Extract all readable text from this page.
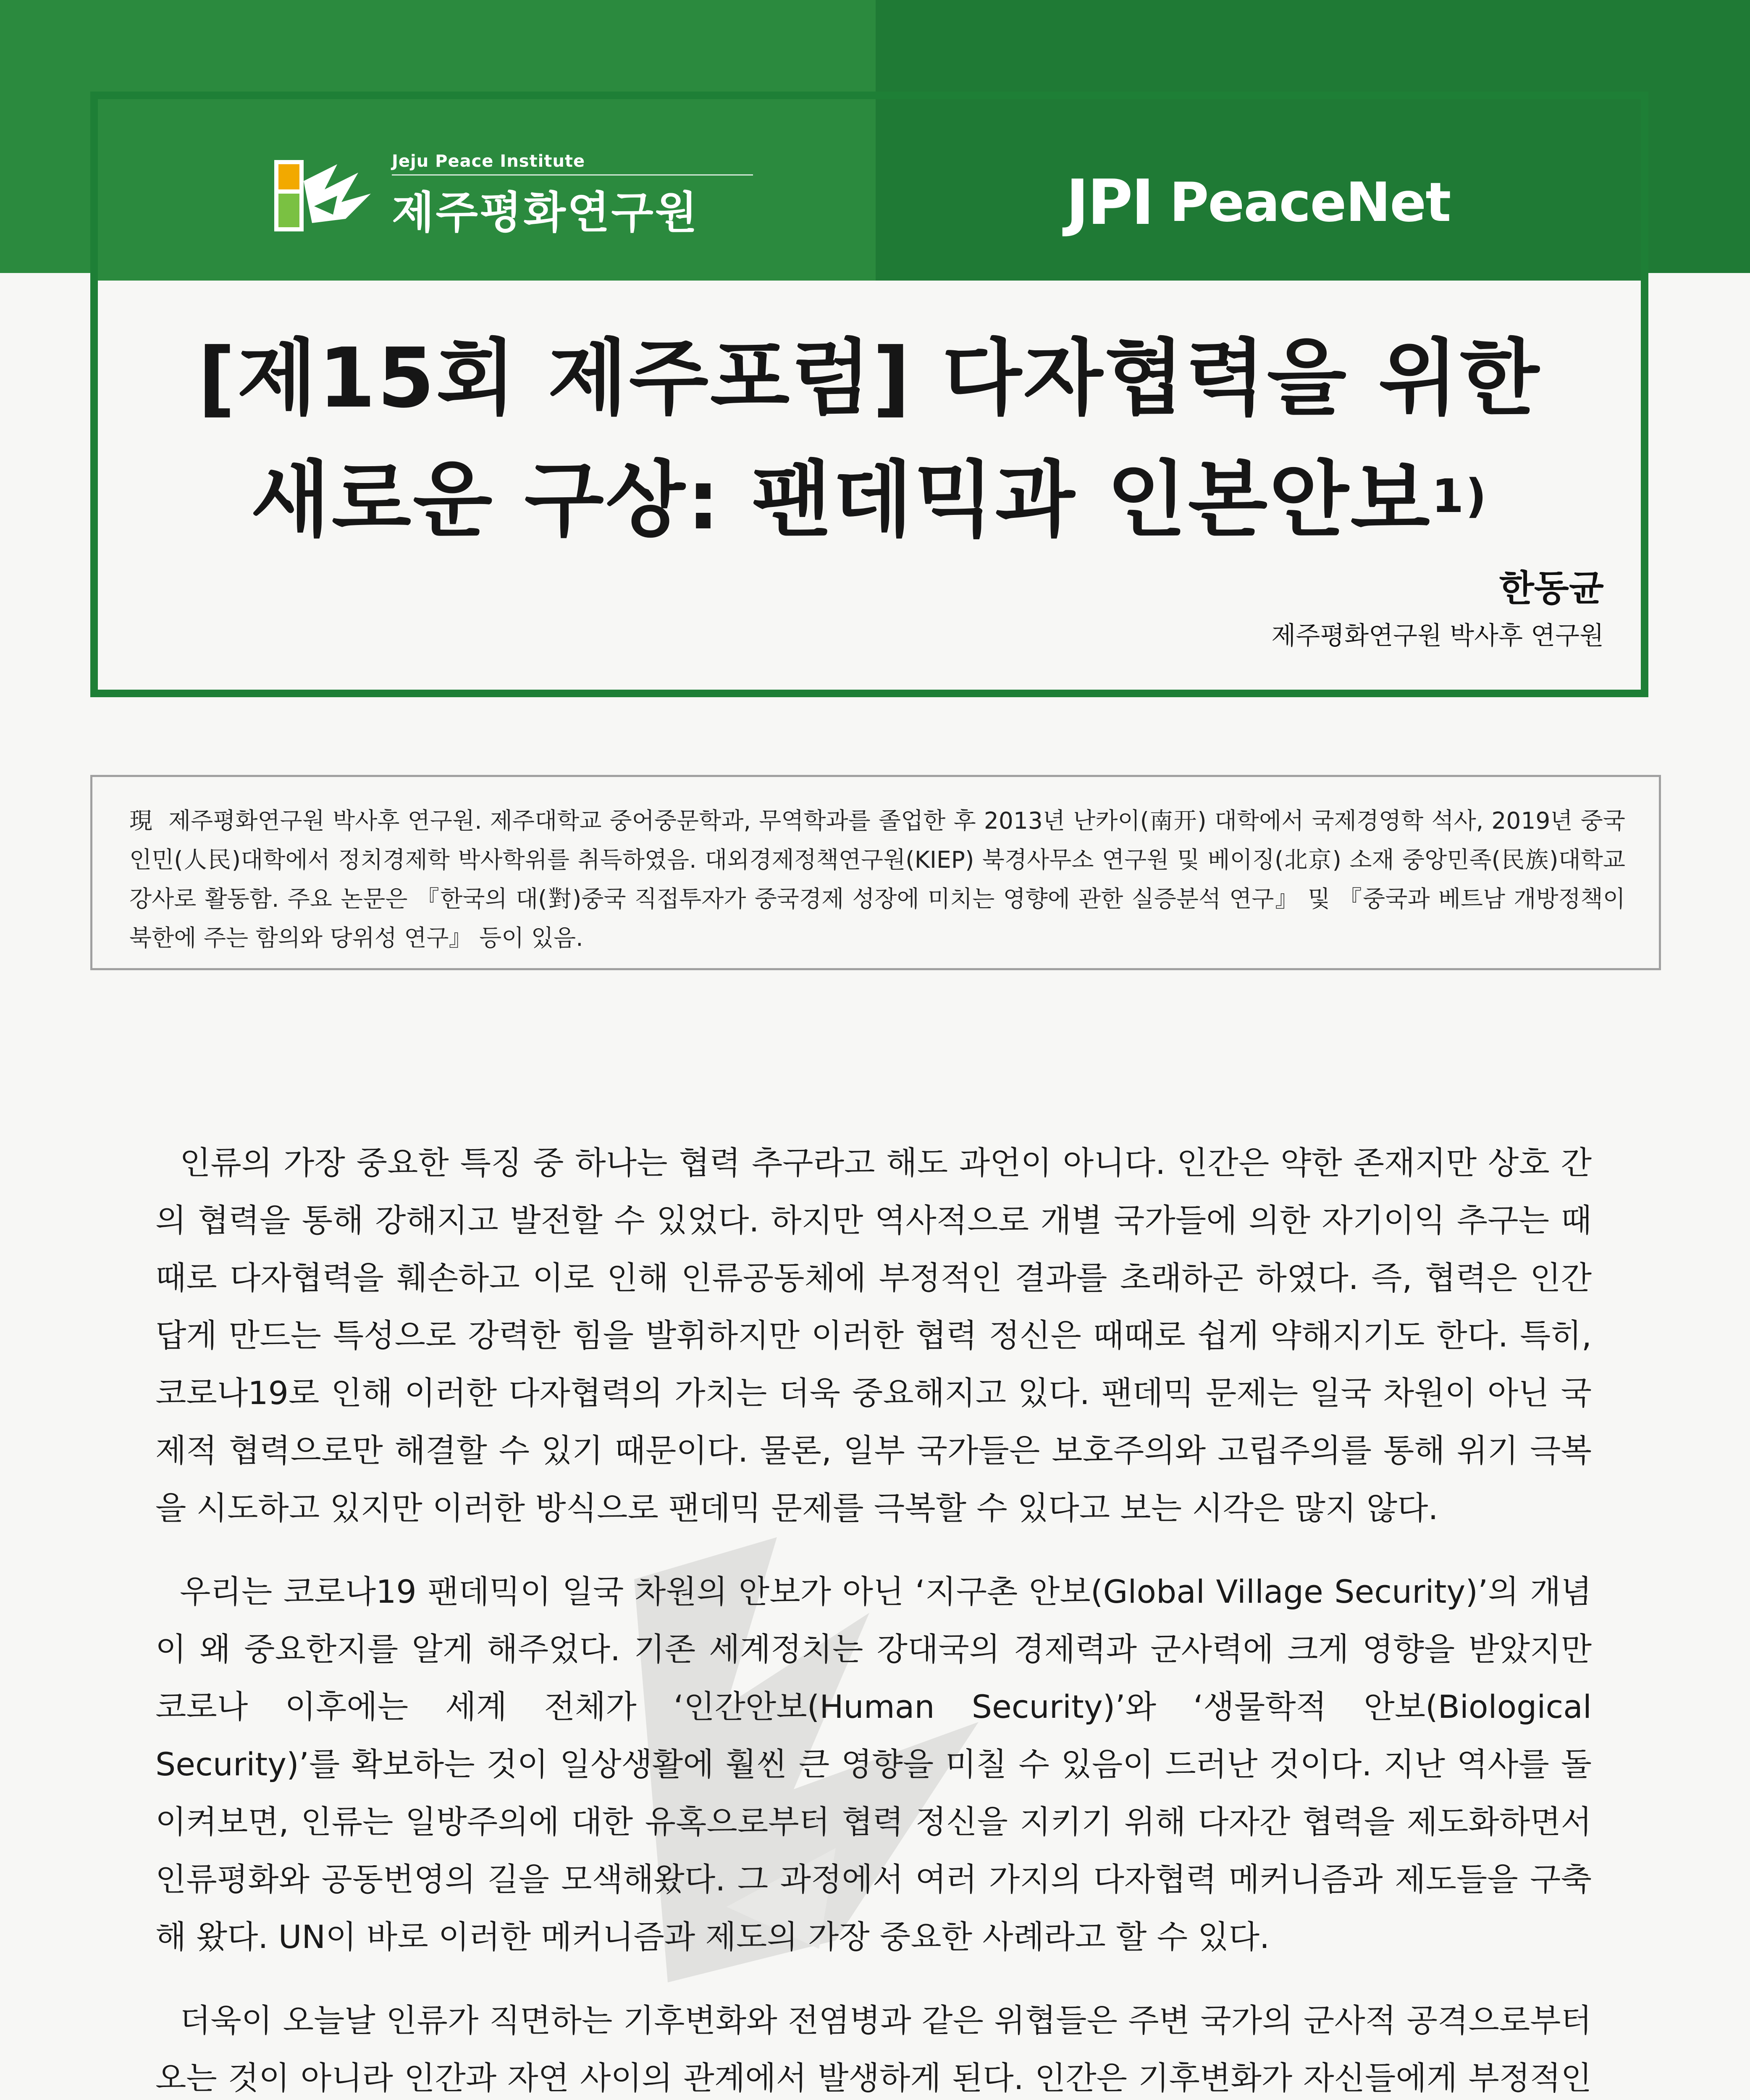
Jeju Peace Institute
제주평화연구원	JPI PeaceNet
[제15회 제주포럼] 다자협력을 위한
새로운 구상: 팬데믹과 인본안보$^{1)}$
한동균
제주평화연구원 박사후 연구원
現 제주평화연구원 박사후 연구원. 제주대학교 중어중문학과, 무역학과를 졸업한 후 2013년 난카이(南开) 대학에서 국제경영학 석사, 2019년 중국인민(人民)대학에서 정치경제학 박사학위를 취득하였음. 대외경제정책연구원(KIEP) 북경사무소 연구원 및 베이징(北京) 소재 중앙민족(民族)대학교 강사로 활동함. 주요 논문은 『한국의 대(對)중국 직접투자가 중국경제 성장에 미치는 영향에 관한 실증분석 연구』 및 『중국과 베트남 개방정책이 북한에 주는 함의와 당위성 연구』 등이 있음.

인류의 가장 중요한 특징 중 하나는 협력 추구라고 해도 과언이 아니다. 인간은 약한 존재지만 상호 간의 협력을 통해 강해지고 발전할 수 있었다. 하지만 역사적으로 개별 국가들에 의한 자기이익 추구는 때때로 다자협력을 훼손하고 이로 인해 인류공동체에 부정적인 결과를 초래하곤 하였다. 즉, 협력은 인간답게 만드는 특성으로 강력한 힘을 발휘하지만 이러한 협력 정신은 때때로 쉽게 약해지기도 한다. 특히, 코로나19로 인해 이러한 다자협력의 가치는 더욱 중요해지고 있다. 팬데믹 문제는 일국 차원이 아닌 국제적 협력으로만 해결할 수 있기 때문이다. 물론, 일부 국가들은 보호주의와 고립주의를 통해 위기 극복을 시도하고 있지만 이러한 방식으로 팬데믹 문제를 극복할 수 있다고 보는 시각은 많지 않다.

우리는 코로나19 팬데믹이 일국 차원의 안보가 아닌 ‘지구촌 안보(Global Village Security)’의 개념이 왜 중요한지를 알게 해주었다. 기존 세계정치는 강대국의 경제력과 군사력에 크게 영향을 받았지만 코로나 이후에는 세계 전체가 ‘인간안보(Human Security)’와 ‘생물학적 안보(Biological Security)’를 확보하는 것이 일상생활에 훨씬 큰 영향을 미칠 수 있음이 드러난 것이다. 지난 역사를 돌이켜보면, 인류는 일방주의에 대한 유혹으로부터 협력 정신을 지키기 위해 다자간 협력을 제도화하면서 인류평화와 공동번영의 길을 모색해왔다. 그 과정에서 여러 가지의 다자협력 메커니즘과 제도들을 구축해 왔다. UN이 바로 이러한 메커니즘과 제도의 가장 중요한 사례라고 할 수 있다.

더욱이 오늘날 인류가 직면하는 기후변화와 전염병과 같은 위협들은 주변 국가의 군사적 공격으로부터 오는 것이 아니라 인간과 자연 사이의 관계에서 발생하게 된다. 인간은 기후변화가 자신들에게 부정적인
